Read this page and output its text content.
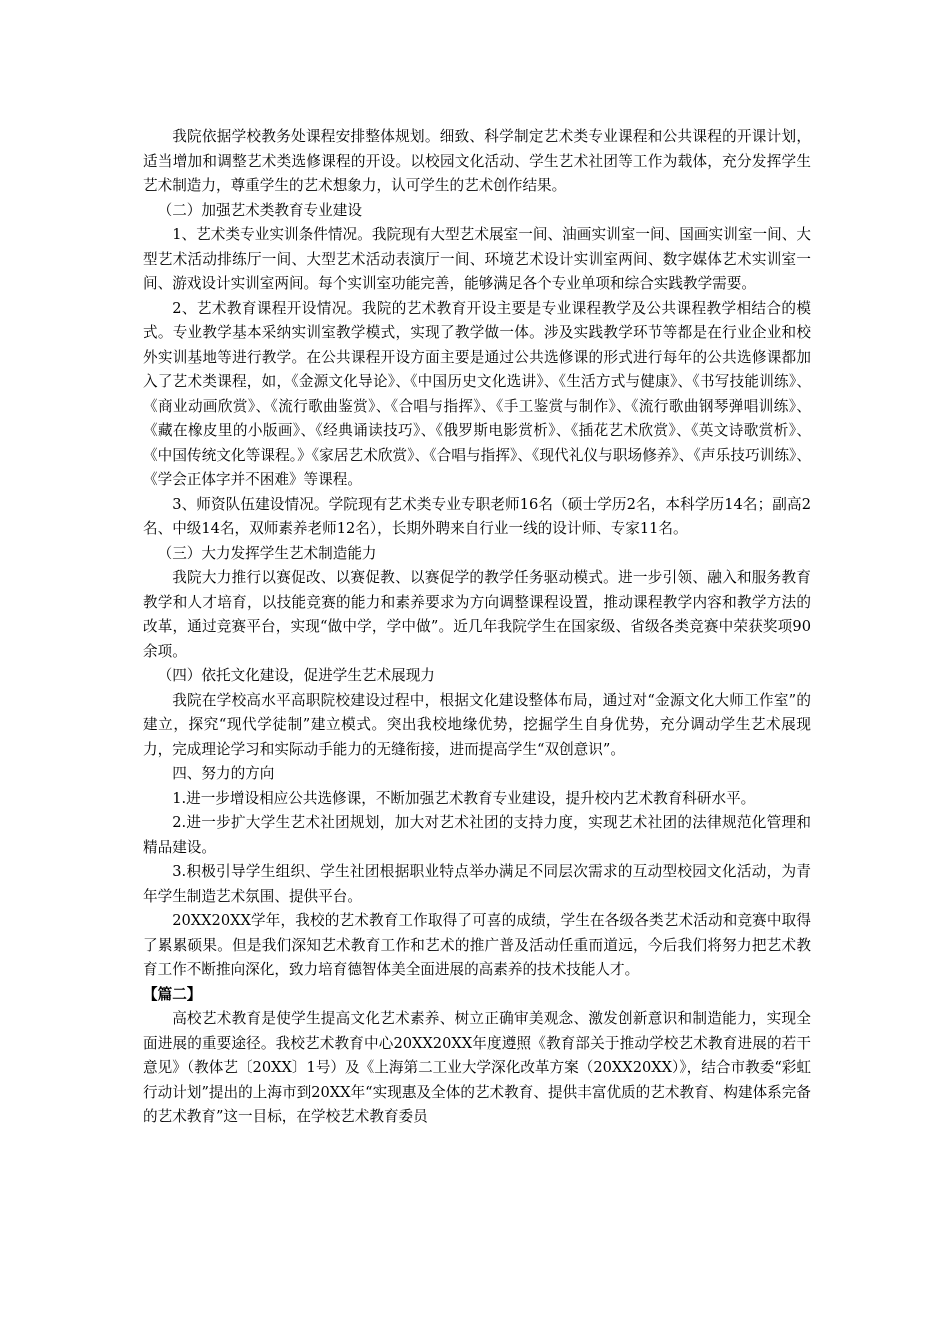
我院依据学校教务处课程安排整体规划。细致、科学制定艺术类专业课程和公共课程的开课计划，适当增加和调整艺术类选修课程的开设。以校园文化活动、学生艺术社团等工作为载体，充分发挥学生艺术制造力，尊重学生的艺术想象力，认可学生的艺术创作结果。

（二）加强艺术类教育专业建设

1、艺术类专业实训条件情况。我院现有大型艺术展室一间、油画实训室一间、国画实训室一间、大型艺术活动排练厅一间、大型艺术活动表演厅一间、环境艺术设计实训室两间、数字媒体艺术实训室一间、游戏设计实训室两间。每个实训室功能完善，能够满足各个专业单项和综合实践教学需要。

2、艺术教育课程开设情况。我院的艺术教育开设主要是专业课程教学及公共课程教学相结合的模式。专业教学基本采纳实训室教学模式，实现了教学做一体。涉及实践教学环节等都是在行业企业和校外实训基地等进行教学。在公共课程开设方面主要是通过公共选修课的形式进行每年的公共选修课都加入了艺术类课程，如，《金源文化导论》、《中国历史文化选讲》、《生活方式与健康》、《书写技能训练》、《商业动画欣赏》、《流行歌曲鉴赏》、《合唱与指挥》、《手工鉴赏与制作》、《流行歌曲钢琴弹唱训练》、《藏在橡皮里的小版画》、《经典诵读技巧》、《俄罗斯电影赏析》、《插花艺术欣赏》、《英文诗歌赏析》、《中国传统文化等课程。》《家居艺术欣赏》、《合唱与指挥》、《现代礼仪与职场修养》、《声乐技巧训练》、《学会正体字并不困难》等课程。

3、师资队伍建设情况。学院现有艺术类专业专职老师16名（硕士学历2名，本科学历14名；副高2名、中级14名，双师素养老师12名），长期外聘来自行业一线的设计师、专家11名。

（三）大力发挥学生艺术制造能力

我院大力推行以赛促改、以赛促教、以赛促学的教学任务驱动模式。进一步引领、融入和服务教育教学和人才培育，以技能竞赛的能力和素养要求为方向调整课程设置，推动课程教学内容和教学方法的改革，通过竞赛平台，实现“做中学，学中做”。近几年我院学生在国家级、省级各类竞赛中荣获奖项90余项。

（四）依托文化建设，促进学生艺术展现力

我院在学校高水平高职院校建设过程中，根据文化建设整体布局，通过对“金源文化大师工作室”的建立，探究“现代学徒制”建立模式。突出我校地缘优势，挖掘学生自身优势，充分调动学生艺术展现力，完成理论学习和实际动手能力的无缝衔接，进而提高学生“双创意识”。

四、努力的方向

1.进一步增设相应公共选修课，不断加强艺术教育专业建设，提升校内艺术教育科研水平。

2.进一步扩大学生艺术社团规划，加大对艺术社团的支持力度，实现艺术社团的法律规范化管理和精品建设。

3.积极引导学生组织、学生社团根据职业特点举办满足不同层次需求的互动型校园文化活动，为青年学生制造艺术氛围、提供平台。

20XX20XX学年，我校的艺术教育工作取得了可喜的成绩，学生在各级各类艺术活动和竞赛中取得了累累硕果。但是我们深知艺术教育工作和艺术的推广普及活动任重而道远，今后我们将努力把艺术教育工作不断推向深化，致力培育德智体美全面进展的高素养的技术技能人才。

【篇二】

高校艺术教育是使学生提高文化艺术素养、树立正确审美观念、激发创新意识和制造能力，实现全面进展的重要途径。我校艺术教育中心20XX20XX年度遵照《教育部关于推动学校艺术教育进展的若干意见》（教体艺〔20XX〕1号）及《上海第二工业大学深化改革方案（20XX20XX）》，结合市教委“彩虹行动计划”提出的上海市到20XX年“实现惠及全体的艺术教育、提供丰富优质的艺术教育、构建体系完备的艺术教育”这一目标，在学校艺术教育委员
